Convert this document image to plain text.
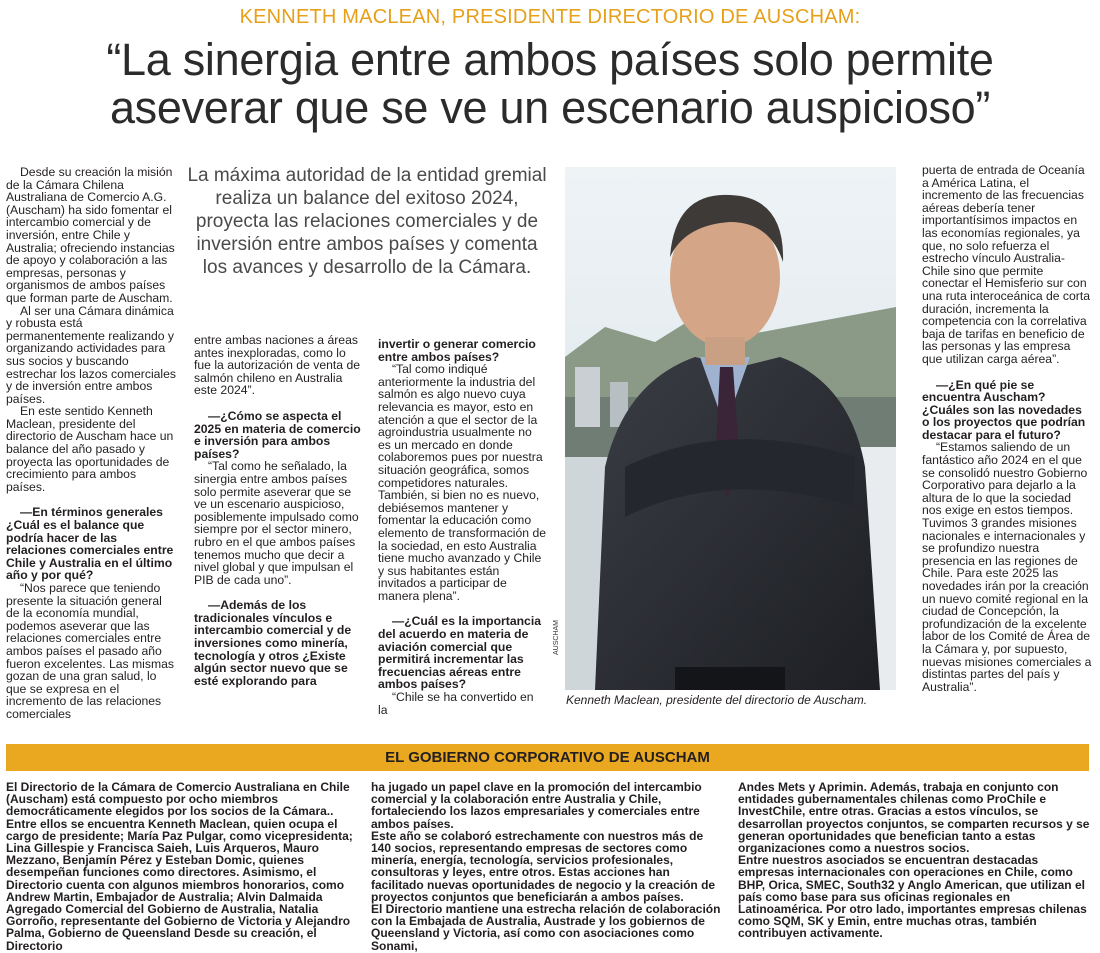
KENNETH MACLEAN, PRESIDENTE DIRECTORIO DE AUSCHAM:
“La sinergia entre ambos países solo permite
aseverar que se ve un escenario auspicioso”

Desde su creación la misión de la Cámara Chilena Australiana de Comercio A.G. (Auscham) ha sido fomentar el intercambio comercial y de inversión, entre Chile y Australia; ofreciendo instancias de apoyo y colaboración a las empresas, personas y organismos de ambos países que forman parte de Auscham.

Al ser una Cámara dinámica y robusta está permanentemente realizando y organizando actividades para sus socios y buscando estrechar los lazos comerciales y de inversión entre ambos países.

En este sentido Kenneth Maclean, presidente del directorio de Auscham hace un balance del año pasado y proyecta las oportunidades de crecimiento para ambos países.

—En términos generales ¿Cuál es el balance que podría hacer de las relaciones comerciales entre Chile y Australia en el último año y por qué?

“Nos parece que teniendo presente la situación general de la economía mundial, podemos aseverar que las relaciones comerciales entre ambos países el pasado año fueron excelentes. Las mismas gozan de una gran salud, lo que se expresa en el incremento de las relaciones comerciales

La máxima autoridad de la entidad gremial realiza un balance del exitoso 2024, proyecta las relaciones comerciales y de inversión entre ambos países y comenta los avances y desarrollo de la Cámara.

entre ambas naciones a áreas antes inexploradas, como lo fue la autorización de venta de salmón chileno en Australia este 2024”.

—¿Cómo se aspecta el 2025 en materia de comercio e inversión para ambos países?

“Tal como he señalado, la sinergia entre ambos países solo permite aseverar que se ve un escenario auspicioso, posiblemente impulsado como siempre por el sector minero, rubro en el que ambos países tenemos mucho que decir a nivel global y que impulsan el PIB de cada uno”.

—Además de los tradicionales vínculos e intercambio comercial y de inversiones como minería, tecnología y otros ¿Existe algún sector nuevo que se esté explorando para

invertir o generar comercio entre ambos países?

“Tal como indiqué anteriormente la industria del salmón es algo nuevo cuya relevancia es mayor, esto en atención a que el sector de la agroindustria usualmente no es un mercado en donde colaboremos pues por nuestra situación geográfica, somos competidores naturales. También, si bien no es nuevo, debiésemos mantener y fomentar la educación como elemento de transformación de la sociedad, en esto Australia tiene mucho avanzado y Chile y sus habitantes están invitados a participar de manera plena”.

—¿Cuál es la importancia del acuerdo en materia de aviación comercial que permitirá incrementar las frecuencias aéreas entre ambos países?

“Chile se ha convertido en la

AUSCHAM
Kenneth Maclean, presidente del directorio de Auscham.

puerta de entrada de Oceanía a América Latina, el incremento de las frecuencias aéreas debería tener importantísimos impactos en las economías regionales, ya que, no solo refuerza el estrecho vínculo Australia-Chile sino que permite conectar el Hemisferio sur con una ruta interoceánica de corta duración, incrementa la competencia con la correlativa baja de tarifas en beneficio de las personas y las empresa que utilizan carga aérea”.

—¿En qué pie se encuentra Auscham? ¿Cuáles son las novedades o los proyectos que podrían destacar para el futuro?

“Estamos saliendo de un fantástico año 2024 en el que se consolidó nuestro Gobierno Corporativo para dejarlo a la altura de lo que la sociedad nos exige en estos tiempos. Tuvimos 3 grandes misiones nacionales e internacionales y se profundizo nuestra presencia en las regiones de Chile. Para este 2025 las novedades irán por la creación un nuevo comité regional en la ciudad de Concepción, la profundización de la excelente labor de los Comité de Área de la Cámara y, por supuesto, nuevas misiones comerciales a distintas partes del país y Australia”.

EL GOBIERNO CORPORATIVO DE AUSCHAM

El Directorio de la Cámara de Comercio Australiana en Chile (Auscham) está compuesto por ocho miembros democráticamente elegidos por los socios de la Cámara.. Entre ellos se encuentra Kenneth Maclean, quien ocupa el cargo de presidente; María Paz Pulgar, como vicepresidenta; Lina Gillespie y Francisca Saieh, Luis Arqueros, Mauro Mezzano, Benjamín Pérez y Esteban Domic, quienes desempeñan funciones como directores. Asimismo, el Directorio cuenta con algunos miembros honorarios, como Andrew Martin, Embajador de Australia; Alvin Dalmaida Agregado Comercial del Gobierno de Australia, Natalia Gorroño, representante del Gobierno de Victoria y Alejandro Palma, Gobierno de Queensland Desde su creación, el Directorio

ha jugado un papel clave en la promoción del intercambio comercial y la colaboración entre Australia y Chile, fortaleciendo los lazos empresariales y comerciales entre ambos países.

Este año se colaboró estrechamente con nuestros más de 140 socios, representando empresas de sectores como minería, energía, tecnología, servicios profesionales, consultoras y leyes, entre otros. Estas acciones han facilitado nuevas oportunidades de negocio y la creación de proyectos conjuntos que beneficiarán a ambos países.

El Directorio mantiene una estrecha relación de colaboración con la Embajada de Australia, Austrade y los gobiernos de Queensland y Victoria, así como con asociaciones como Sonami,

Andes Mets y Aprimin. Además, trabaja en conjunto con entidades gubernamentales chilenas como ProChile e InvestChile, entre otras. Gracias a estos vínculos, se desarrollan proyectos conjuntos, se comparten recursos y se generan oportunidades que benefician tanto a estas organizaciones como a nuestros socios.

Entre nuestros asociados se encuentran destacadas empresas internacionales con operaciones en Chile, como BHP, Orica, SMEC, South32 y Anglo American, que utilizan el país como base para sus oficinas regionales en Latinoamérica. Por otro lado, importantes empresas chilenas como SQM, SK y Emin, entre muchas otras, también contribuyen activamente.
